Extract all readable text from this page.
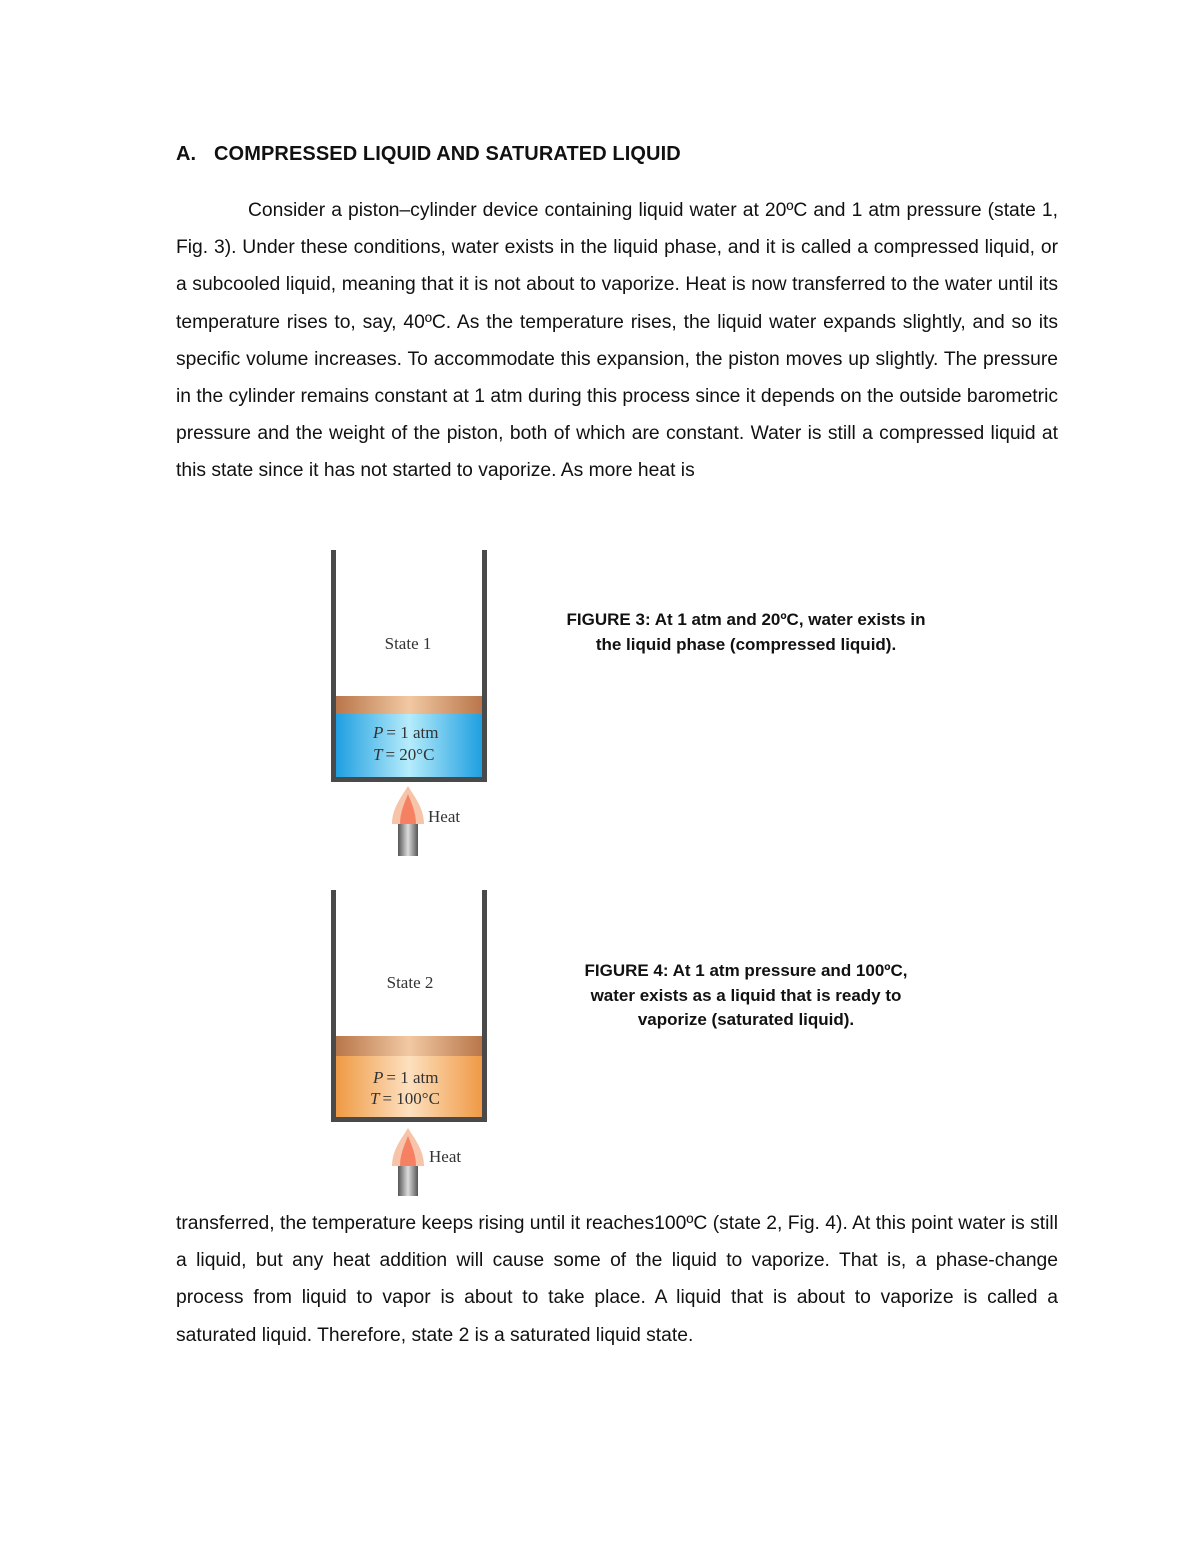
A. COMPRESSED LIQUID AND SATURATED LIQUID

Consider a piston–cylinder device containing liquid water at 20ºC and 1 atm pressure (state 1, Fig. 3). Under these conditions, water exists in the liquid phase, and it is called a compressed liquid, or a subcooled liquid, meaning that it is not about to vaporize. Heat is now transferred to the water until its temperature rises to, say, 40ºC. As the temperature rises, the liquid water expands slightly, and so its specific volume increases. To accommodate this expansion, the piston moves up slightly. The pressure in the cylinder remains constant at 1 atm during this process since it depends on the outside barometric pressure and the weight of the piston, both of which are constant. Water is still a compressed liquid at this state since it has not started to vaporize. As more heat is

State 1
P = 1 atm
T = 20°C
Heat
FIGURE 3: At 1 atm and 20ºC, water exists in the liquid phase (compressed liquid).
State 2
P = 1 atm
T = 100°C
Heat
FIGURE 4: At 1 atm pressure and 100ºC, water exists as a liquid that is ready to vaporize (saturated liquid).

transferred, the temperature keeps rising until it reaches100ºC (state 2, Fig. 4). At this point water is still a liquid, but any heat addition will cause some of the liquid to vaporize. That is, a phase-change process from liquid to vapor is about to take place. A liquid that is about to vaporize is called a saturated liquid. Therefore, state 2 is a saturated liquid state.
